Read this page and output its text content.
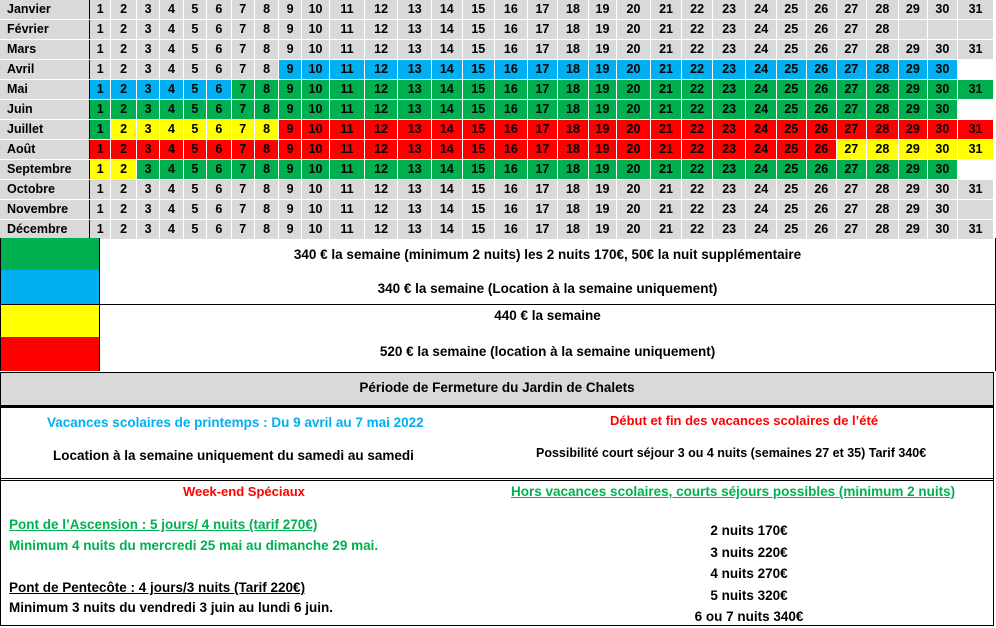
Janvier	1	2	3	4	5	6	7	8	9	10	11	12	13	14	15	16	17	18	19	20	21	22	23	24	25	26	27	28	29	30	31
Février	1	2	3	4	5	6	7	8	9	10	11	12	13	14	15	16	17	18	19	20	21	22	23	24	25	26	27	28			
Mars	1	2	3	4	5	6	7	8	9	10	11	12	13	14	15	16	17	18	19	20	21	22	23	24	25	26	27	28	29	30	31
Avril	1	2	3	4	5	6	7	8	9	10	11	12	13	14	15	16	17	18	19	20	21	22	23	24	25	26	27	28	29	30	
Mai	1	2	3	4	5	6	7	8	9	10	11	12	13	14	15	16	17	18	19	20	21	22	23	24	25	26	27	28	29	30	31
Juin	1	2	3	4	5	6	7	8	9	10	11	12	13	14	15	16	17	18	19	20	21	22	23	24	25	26	27	28	29	30	
Juillet	1	2	3	4	5	6	7	8	9	10	11	12	13	14	15	16	17	18	19	20	21	22	23	24	25	26	27	28	29	30	31
Août	1	2	3	4	5	6	7	8	9	10	11	12	13	14	15	16	17	18	19	20	21	22	23	24	25	26	27	28	29	30	31
Septembre	1	2	3	4	5	6	7	8	9	10	11	12	13	14	15	16	17	18	19	20	21	22	23	24	25	26	27	28	29	30	
Octobre	1	2	3	4	5	6	7	8	9	10	11	12	13	14	15	16	17	18	19	20	21	22	23	24	25	26	27	28	29	30	31
Novembre	1	2	3	4	5	6	7	8	9	10	11	12	13	14	15	16	17	18	19	20	21	22	23	24	25	26	27	28	29	30	
Décembre	1	2	3	4	5	6	7	8	9	10	11	12	13	14	15	16	17	18	19	20	21	22	23	24	25	26	27	28	29	30	31
340 € la semaine (minimum 2 nuits) les 2 nuits 170€, 50€ la nuit supplémentaire
340 € la semaine (Location à la semaine uniquement)
440 € la semaine
520 € la semaine (location à la semaine uniquement)
Période de Fermeture du Jardin de Chalets
Vacances scolaires de printemps : Du 9 avril au 7 mai 2022
Location à la semaine uniquement du samedi au samedi
Début et fin des vacances scolaires de l’été
Possibilité court séjour 3 ou 4 nuits (semaines 27 et 35) Tarif 340€
Week-end Spéciaux
Pont de l’Ascension : 5 jours/ 4 nuits (tarif 270€)
Minimum 4 nuits du mercredi 25 mai au dimanche 29 mai.
Pont de Pentecôte : 4 jours/3 nuits (Tarif 220€)
Minimum 3 nuits du vendredi 3 juin au lundi 6 juin.
Hors vacances scolaires, courts séjours possibles (minimum 2 nuits)
2 nuits 170€
3 nuits 220€
4 nuits 270€
5 nuits 320€
6 ou 7 nuits 340€
